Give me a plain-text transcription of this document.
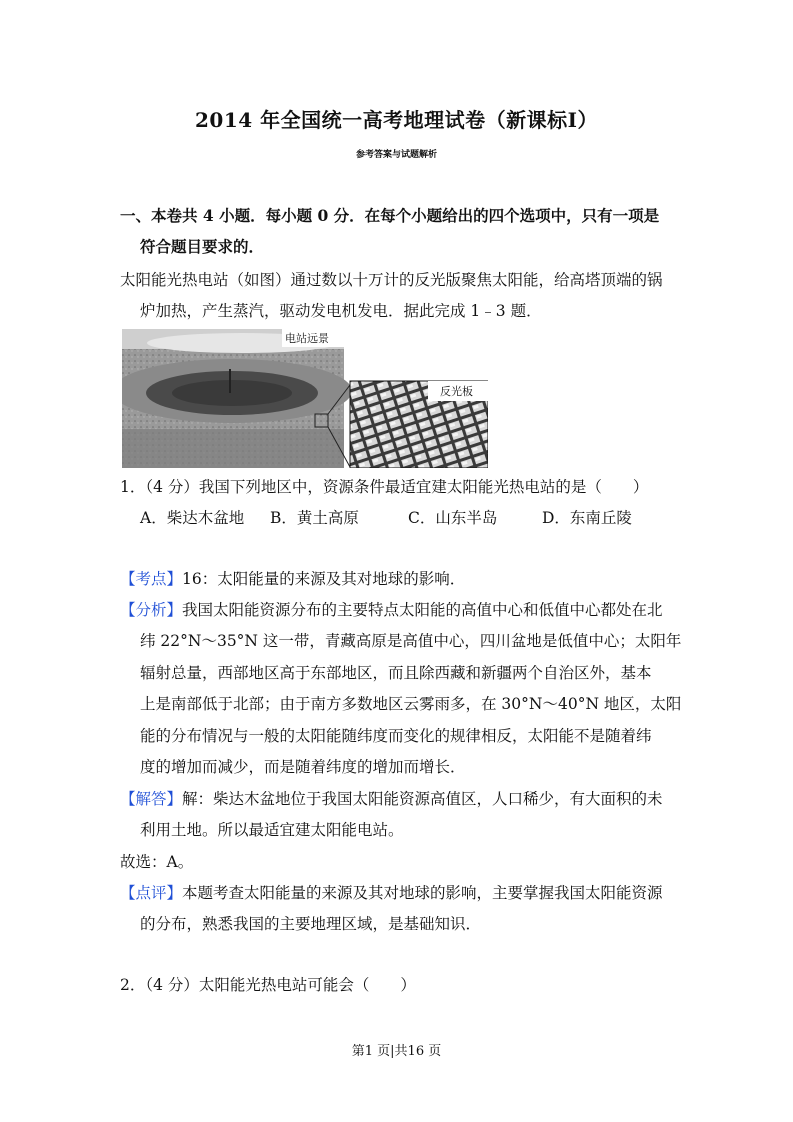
2014 年全国统一高考地理试卷（新课标I）
参考答案与试题解析
一、本卷共 4 小题．每小题 0 分．在每个小题给出的四个选项中，只有一项是
符合题目要求的．
太阳能光热电站（如图）通过数以十万计的反光版聚焦太阳能，给高塔顶端的锅
炉加热，产生蒸汽，驱动发电机发电．据此完成 1﹣3 题．
电站远景
反光板
1．（4 分）我国下列地区中，资源条件最适宜建太阳能光热电站的是（　　）
A．柴达木盆地 B．黄土高原	C．山东半岛	D．东南丘陵
【考点】16：太阳能量的来源及其对地球的影响．
【分析】我国太阳能资源分布的主要特点太阳能的高值中心和低值中心都处在北
纬 22°N～35°N 这一带，青藏高原是高值中心，四川盆地是低值中心；太阳年
辐射总量，西部地区高于东部地区，而且除西藏和新疆两个自治区外，基本
上是南部低于北部；由于南方多数地区云雾雨多，在 30°N～40°N 地区，太阳
能的分布情况与一般的太阳能随纬度而变化的规律相反，太阳能不是随着纬
度的增加而减少，而是随着纬度的增加而增长．
【解答】解：柴达木盆地位于我国太阳能资源高值区，人口稀少，有大面积的未
利用土地。所以最适宜建太阳能电站。
故选：A。
【点评】本题考查太阳能量的来源及其对地球的影响，主要掌握我国太阳能资源
的分布，熟悉我国的主要地理区域，是基础知识．
2．（4 分）太阳能光热电站可能会（　　）
第1 页|共16 页
